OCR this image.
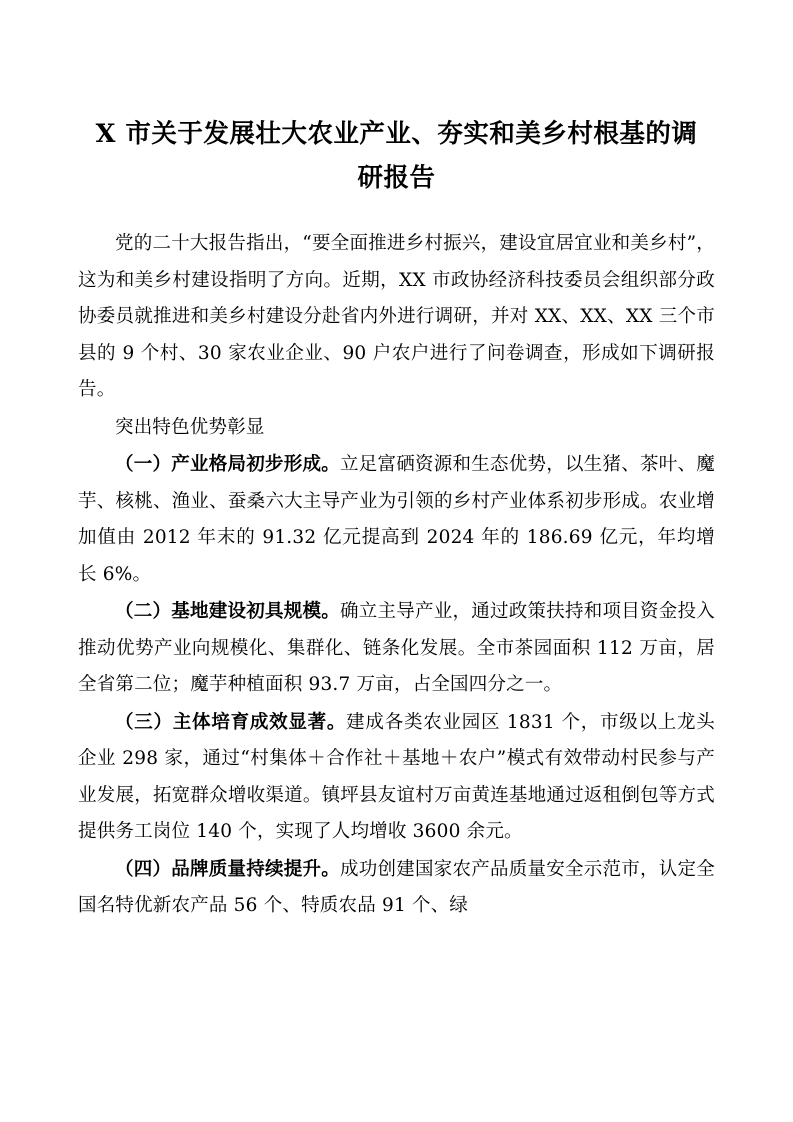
X 市关于发展壮大农业产业、夯实和美乡村根基的调研报告

党的二十大报告指出，“要全面推进乡村振兴，建设宜居宜业和美乡村”，这为和美乡村建设指明了方向。近期，XX 市政协经济科技委员会组织部分政协委员就推进和美乡村建设分赴省内外进行调研，并对 XX、XX、XX 三个市县的 9 个村、30 家农业企业、90 户农户进行了问卷调查，形成如下调研报告。

突出特色优势彰显

（一）产业格局初步形成。立足富硒资源和生态优势，以生猪、茶叶、魔芋、核桃、渔业、蚕桑六大主导产业为引领的乡村产业体系初步形成。农业增加值由 2012 年末的 91.32 亿元提高到 2024 年的 186.69 亿元，年均增长 6%。

（二）基地建设初具规模。确立主导产业，通过政策扶持和项目资金投入推动优势产业向规模化、集群化、链条化发展。全市茶园面积 112 万亩，居全省第二位；魔芋种植面积 93.7 万亩，占全国四分之一。

（三）主体培育成效显著。建成各类农业园区 1831 个，市级以上龙头企业 298 家，通过“村集体＋合作社＋基地＋农户”模式有效带动村民参与产业发展，拓宽群众增收渠道。镇坪县友谊村万亩黄连基地通过返租倒包等方式提供务工岗位 140 个，实现了人均增收 3600 余元。

（四）品牌质量持续提升。成功创建国家农产品质量安全示范市，认定全国名特优新农产品 56 个、特质农品 91 个、绿
